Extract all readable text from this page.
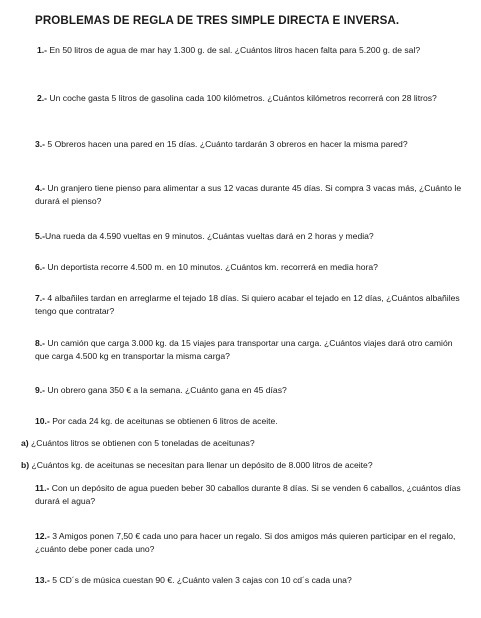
PROBLEMAS DE REGLA DE TRES SIMPLE DIRECTA E INVERSA.
1.- En 50 litros de agua de mar hay 1.300 g. de sal. ¿Cuántos litros hacen falta para 5.200 g. de sal?
2.- Un coche gasta 5 litros de gasolina cada 100 kilómetros. ¿Cuántos kilómetros recorrerá con 28 litros?
3.- 5 Obreros hacen una pared en 15 días. ¿Cuánto tardarán 3 obreros en hacer la misma pared?
4.- Un granjero tiene pienso para alimentar a sus 12 vacas durante 45 días. Si compra 3 vacas más, ¿Cuánto le durará el pienso?
5.-Una rueda da 4.590 vueltas en 9 minutos. ¿Cuántas vueltas dará en 2 horas y media?
6.- Un deportista recorre 4.500 m. en 10 minutos. ¿Cuántos km. recorrerá en media hora?
7.- 4 albañiles tardan en arreglarme el tejado 18 días. Si quiero acabar el tejado en 12 días, ¿Cuántos albañiles tengo que contratar?
8.- Un camión que carga 3.000 kg. da 15 viajes para transportar una carga. ¿Cuántos viajes dará otro camión que carga 4.500 kg en transportar la misma carga?
9.- Un obrero gana 350 € a la semana. ¿Cuánto gana en 45 días?
10.- Por cada 24 kg. de aceitunas se obtienen 6 litros de aceite.
a) ¿Cuántos litros se obtienen con 5 toneladas de aceitunas?
b) ¿Cuántos kg. de aceitunas se necesitan para llenar un depósito de 8.000 litros de aceite?
11.- Con un depósito de agua pueden beber 30 caballos durante 8 días. Si se venden 6 caballos, ¿cuántos días durará el agua?
12.- 3 Amigos ponen 7,50 € cada uno para hacer un regalo. Si dos amigos más quieren participar en el regalo, ¿cuánto debe poner cada uno?
13.- 5 CD´s de música cuestan 90 €. ¿Cuánto valen 3 cajas con 10 cd´s cada una?
